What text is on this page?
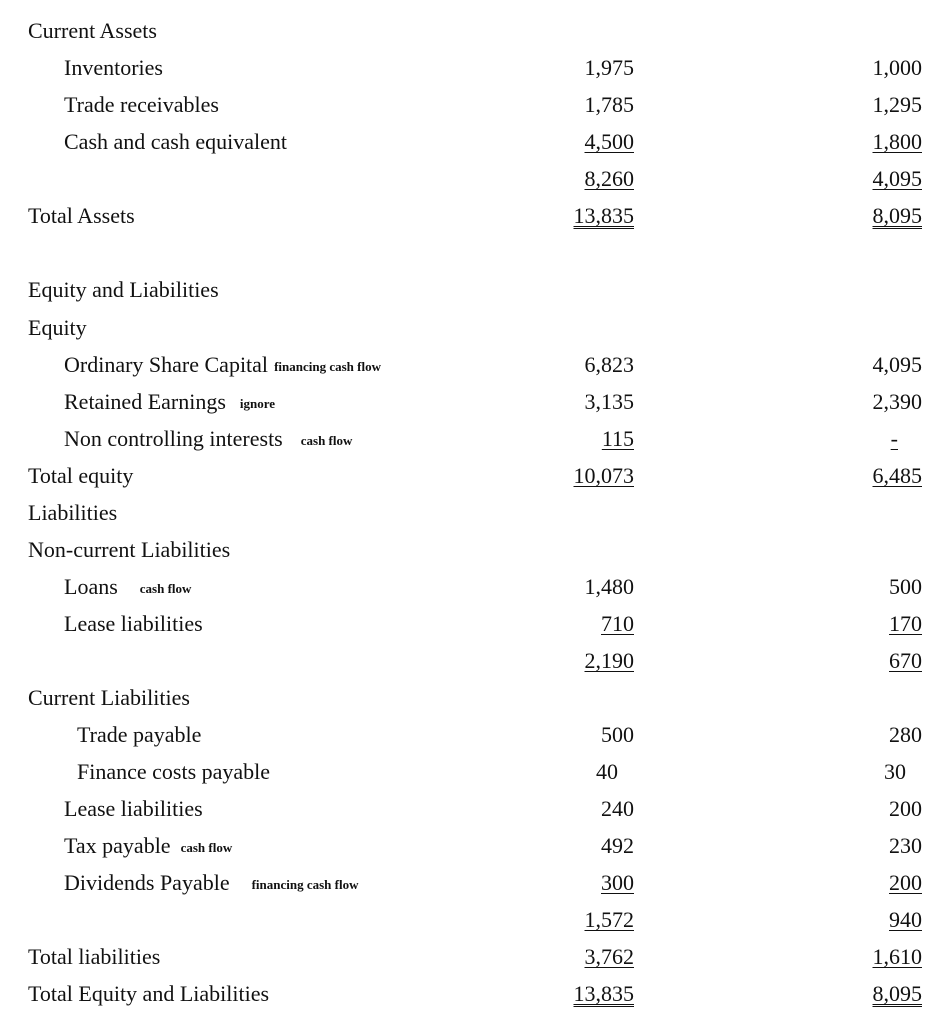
Current Assets
Inventories	1,975	1,000
Trade receivables	1,785	1,295
Cash and cash equivalent	4,500	1,800
8,260	4,095
Total Assets	13,835	8,095
Equity and Liabilities
Equity
Ordinary Share Capital financing cash flow	6,823	4,095
Retained Earnings ignore	3,135	2,390
Non controlling interests cash flow	115	-
Total equity	10,073	6,485
Liabilities
Non-current Liabilities
Loans cash flow	1,480	500
Lease liabilities	710	170
2,190	670
Current Liabilities
Trade payable	500	280
Finance costs payable	40	30
Lease liabilities	240	200
Tax payable cash flow	492	230
Dividends Payable financing cash flow	300	200
1,572	940
Total liabilities	3,762	1,610
Total Equity and Liabilities	13,835	8,095
